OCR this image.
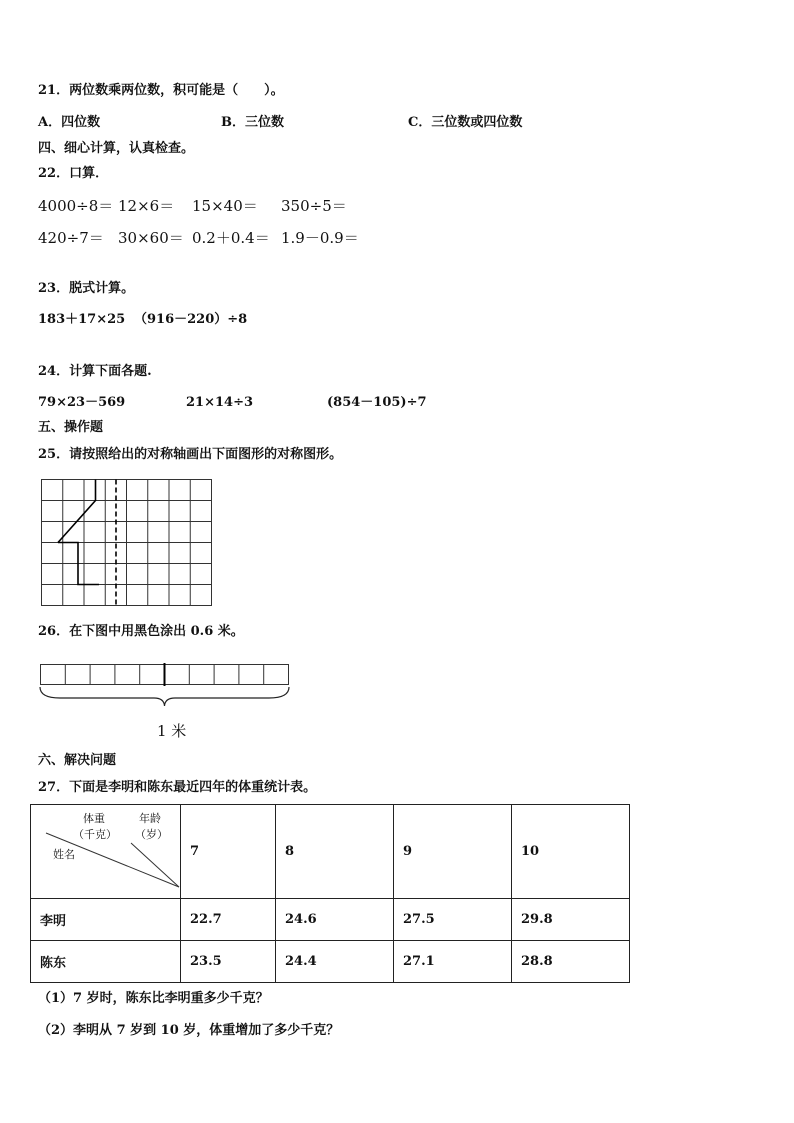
21．两位数乘两位数，积可能是（　　）。
A．四位数	B．三位数	C．三位数或四位数
四、细心计算，认真检查。
22．口算．
4000÷8＝ 12×6＝ 15×40＝ 350÷5＝
420÷7＝ 30×60＝ 0.2＋0.4＝ 1.9－0.9＝
23．脱式计算。
183＋17×25 （916－220）÷8
24．计算下面各题.
79×23－569	21×14÷3	(854－105)÷7
五、操作题
25．请按照给出的对称轴画出下面图形的对称图形。
26．在下图中用黑色涂出 0.6 米。
1 米
六、解决问题
27．下面是李明和陈东最近四年的体重统计表。
体重
（千克）
年龄
（岁）
姓名	7	8	9	10
李明	22.7	24.6	27.5	29.8
陈东	23.5	24.4	27.1	28.8
（1）7 岁时，陈东比李明重多少千克？
（2）李明从 7 岁到 10 岁，体重增加了多少千克？
